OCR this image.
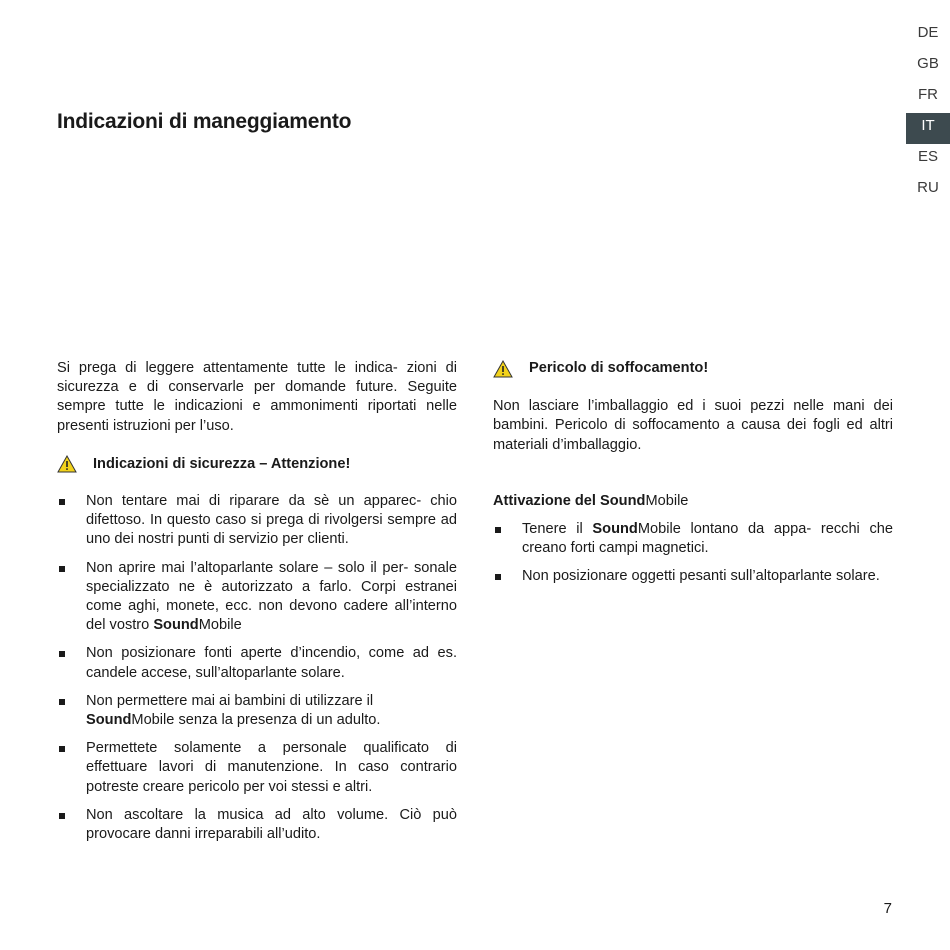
DE
GB
FR
IT
ES
RU
Indicazioni di maneggiamento

Si prega di leggere attentamente tutte le indica- zioni di sicurezza e di conservarle per domande future. Seguite sempre tutte le indicazioni e ammonimenti riportati nelle presenti istruzioni per l’uso.

Indicazioni di sicurezza – Attenzione!
Non tentare mai di riparare da sè un apparec- chio difettoso. In questo caso si prega di rivolgersi sempre ad uno dei nostri punti di servizio per clienti.
Non aprire mai l’altoparlante solare – solo il per- sonale specializzato ne è autorizzato a farlo. Corpi estranei come aghi, monete, ecc. non devono cadere all’interno del vostro SoundMobile
Non posizionare fonti aperte d’incendio, come ad es. candele accese, sull’altoparlante solare.
Non permettere mai ai bambini di utilizzare il
SoundMobile senza la presenza di un adulto.
Permettete solamente a personale qualificato di effettuare lavori di manutenzione. In caso contrario potreste creare pericolo per voi stessi e altri.
Non ascoltare la musica ad alto volume. Ciò può provocare danni irreparabili all’udito.
Pericolo di soffocamento!

Non lasciare l’imballaggio ed i suoi pezzi nelle mani dei bambini. Pericolo di soffocamento a causa dei fogli ed altri materiali d’imballaggio.

Attivazione del SoundMobile

Tenere il SoundMobile lontano da appa- recchi che creano forti campi magnetici.
Non posizionare oggetti pesanti sull’altoparlante solare.
7
